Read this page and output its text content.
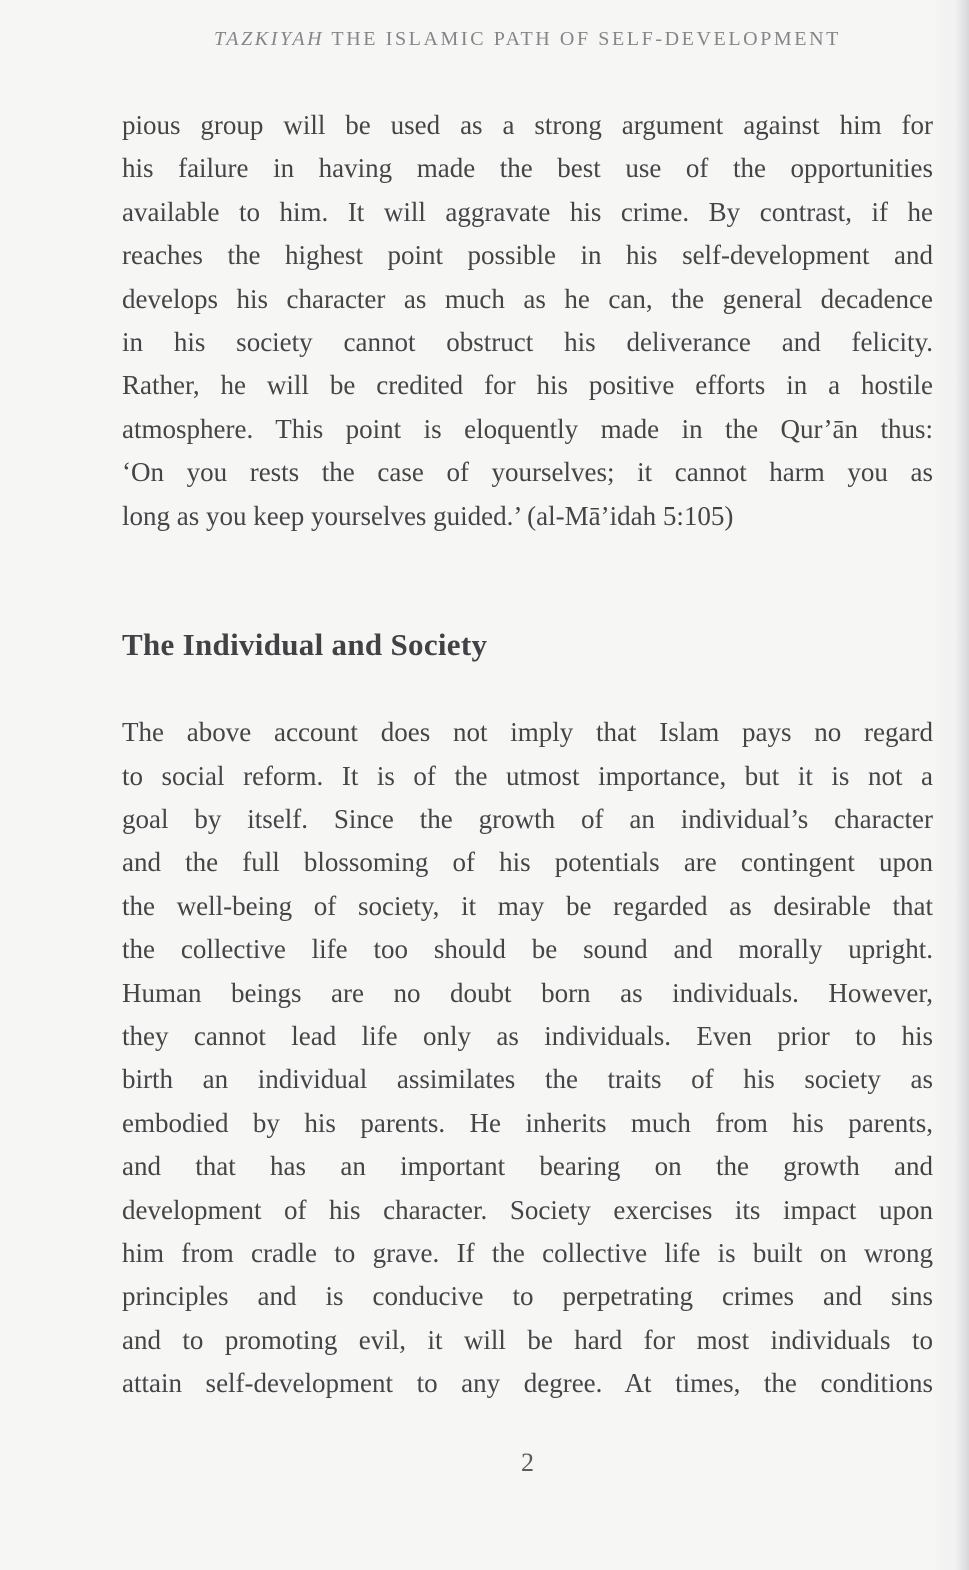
TAZKIYAH THE ISLAMIC PATH OF SELF-DEVELOPMENT
pious group will be used as a strong argument against him for
his failure in having made the best use of the opportunities
available to him. It will aggravate his crime. By contrast, if he
reaches the highest point possible in his self-development and
develops his character as much as he can, the general decadence
in his society cannot obstruct his deliverance and felicity.
Rather, he will be credited for his positive efforts in a hostile
atmosphere. This point is eloquently made in the Qur’ān thus:
‘On you rests the case of yourselves; it cannot harm you as
long as you keep yourselves guided.’ (al-Mā’idah 5:105)
The Individual and Society
The above account does not imply that Islam pays no regard
to social reform. It is of the utmost importance, but it is not a
goal by itself. Since the growth of an individual’s character
and the full blossoming of his potentials are contingent upon
the well-being of society, it may be regarded as desirable that
the collective life too should be sound and morally upright.
Human beings are no doubt born as individuals. However,
they cannot lead life only as individuals. Even prior to his
birth an individual assimilates the traits of his society as
embodied by his parents. He inherits much from his parents,
and that has an important bearing on the growth and
development of his character. Society exercises its impact upon
him from cradle to grave. If the collective life is built on wrong
principles and is conducive to perpetrating crimes and sins
and to promoting evil, it will be hard for most individuals to
attain self-development to any degree. At times, the conditions
2
